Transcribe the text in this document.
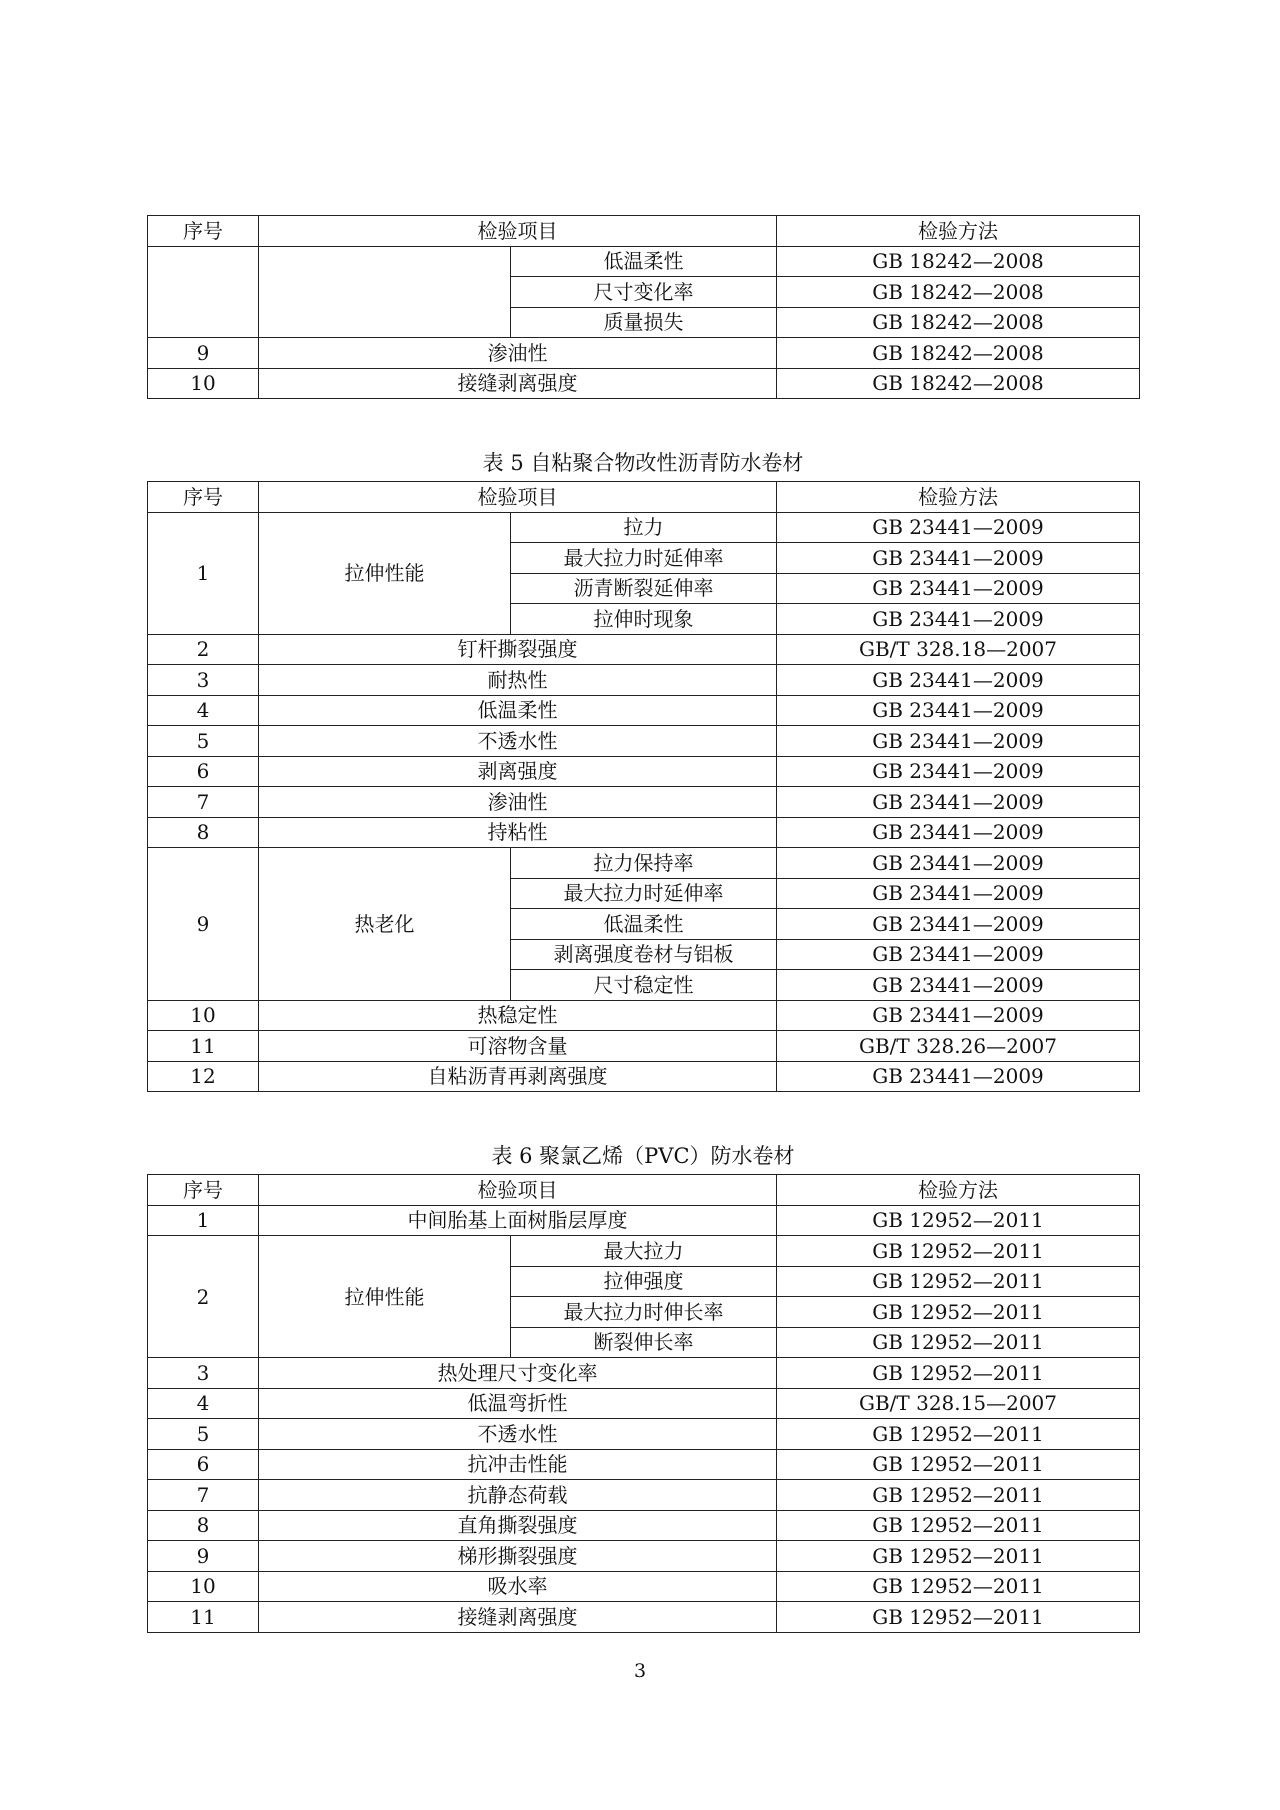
序号	检验项目		检验方法
		低温柔性	GB 18242—2008
		尺寸变化率	GB 18242—2008
		质量损失	GB 18242—2008
9	渗油性		GB 18242—2008
10	接缝剥离强度		GB 18242—2008
表 5 自粘聚合物改性沥青防水卷材
序号	检验项目		检验方法
1	拉伸性能	拉力	GB 23441—2009
		最大拉力时延伸率	GB 23441—2009
		沥青断裂延伸率	GB 23441—2009
		拉伸时现象	GB 23441—2009
2	钉杆撕裂强度		GB/T 328.18—2007
3	耐热性		GB 23441—2009
4	低温柔性		GB 23441—2009
5	不透水性		GB 23441—2009
6	剥离强度		GB 23441—2009
7	渗油性		GB 23441—2009
8	持粘性		GB 23441—2009
9	热老化	拉力保持率	GB 23441—2009
		最大拉力时延伸率	GB 23441—2009
		低温柔性	GB 23441—2009
		剥离强度卷材与铝板	GB 23441—2009
		尺寸稳定性	GB 23441—2009
10	热稳定性		GB 23441—2009
11	可溶物含量		GB/T 328.26—2007
12	自粘沥青再剥离强度		GB 23441—2009
表 6 聚氯乙烯（PVC）防水卷材
序号	检验项目		检验方法
1	中间胎基上面树脂层厚度		GB 12952—2011
2	拉伸性能	最大拉力	GB 12952—2011
		拉伸强度	GB 12952—2011
		最大拉力时伸长率	GB 12952—2011
		断裂伸长率	GB 12952—2011
3	热处理尺寸变化率		GB 12952—2011
4	低温弯折性		GB/T 328.15—2007
5	不透水性		GB 12952—2011
6	抗冲击性能		GB 12952—2011
7	抗静态荷载		GB 12952—2011
8	直角撕裂强度		GB 12952—2011
9	梯形撕裂强度		GB 12952—2011
10	吸水率		GB 12952—2011
11	接缝剥离强度		GB 12952—2011
3
